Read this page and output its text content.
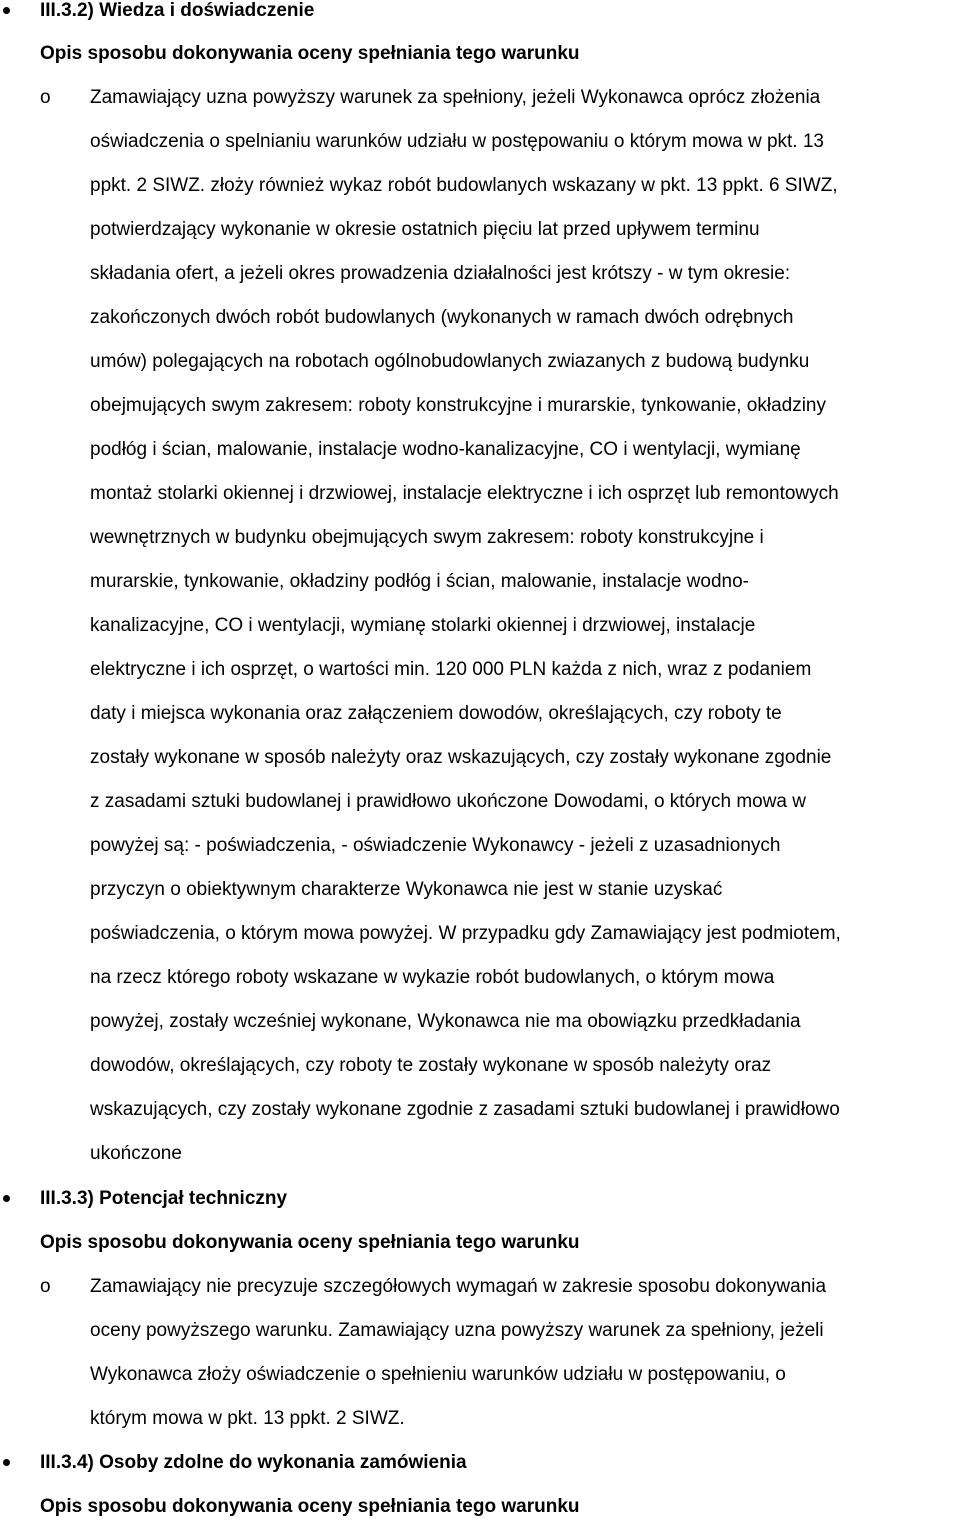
III.3.2) Wiedza i doświadczenie
Opis sposobu dokonywania oceny spełniania tego warunku
o Zamawiający uzna powyższy warunek za spełniony, jeżeli Wykonawca oprócz złożenia
oświadczenia o spelnianiu warunków udziału w postępowaniu o którym mowa w pkt. 13
ppkt. 2 SIWZ. złoży również wykaz robót budowlanych wskazany w pkt. 13 ppkt. 6 SIWZ,
potwierdzający wykonanie w okresie ostatnich pięciu lat przed upływem terminu
składania ofert, a jeżeli okres prowadzenia działalności jest krótszy - w tym okresie:
zakończonych dwóch robót budowlanych (wykonanych w ramach dwóch odrębnych
umów) polegających na robotach ogólnobudowlanych zwiazanych z budową budynku
obejmujących swym zakresem: roboty konstrukcyjne i murarskie, tynkowanie, okładziny
podłóg i ścian, malowanie, instalacje wodno-kanalizacyjne, CO i wentylacji, wymianę
montaż stolarki okiennej i drzwiowej, instalacje elektryczne i ich osprzęt lub remontowych
wewnętrznych w budynku obejmujących swym zakresem: roboty konstrukcyjne i
murarskie, tynkowanie, okładziny podłóg i ścian, malowanie, instalacje wodno-
kanalizacyjne, CO i wentylacji, wymianę stolarki okiennej i drzwiowej, instalacje
elektryczne i ich osprzęt, o wartości min. 120 000 PLN każda z nich, wraz z podaniem
daty i miejsca wykonania oraz załączeniem dowodów, określających, czy roboty te
zostały wykonane w sposób należyty oraz wskazujących, czy zostały wykonane zgodnie
z zasadami sztuki budowlanej i prawidłowo ukończone Dowodami, o których mowa w
powyżej są: - poświadczenia, - oświadczenie Wykonawcy - jeżeli z uzasadnionych
przyczyn o obiektywnym charakterze Wykonawca nie jest w stanie uzyskać
poświadczenia, o którym mowa powyżej. W przypadku gdy Zamawiający jest podmiotem,
na rzecz którego roboty wskazane w wykazie robót budowlanych, o którym mowa
powyżej, zostały wcześniej wykonane, Wykonawca nie ma obowiązku przedkładania
dowodów, określających, czy roboty te zostały wykonane w sposób należyty oraz
wskazujących, czy zostały wykonane zgodnie z zasadami sztuki budowlanej i prawidłowo
ukończone
III.3.3) Potencjał techniczny
Opis sposobu dokonywania oceny spełniania tego warunku
o Zamawiający nie precyzuje szczegółowych wymagań w zakresie sposobu dokonywania
oceny powyższego warunku. Zamawiający uzna powyższy warunek za spełniony, jeżeli
Wykonawca złoży oświadczenie o spełnieniu warunków udziału w postępowaniu, o
którym mowa w pkt. 13 ppkt. 2 SIWZ.
III.3.4) Osoby zdolne do wykonania zamówienia
Opis sposobu dokonywania oceny spełniania tego warunku
